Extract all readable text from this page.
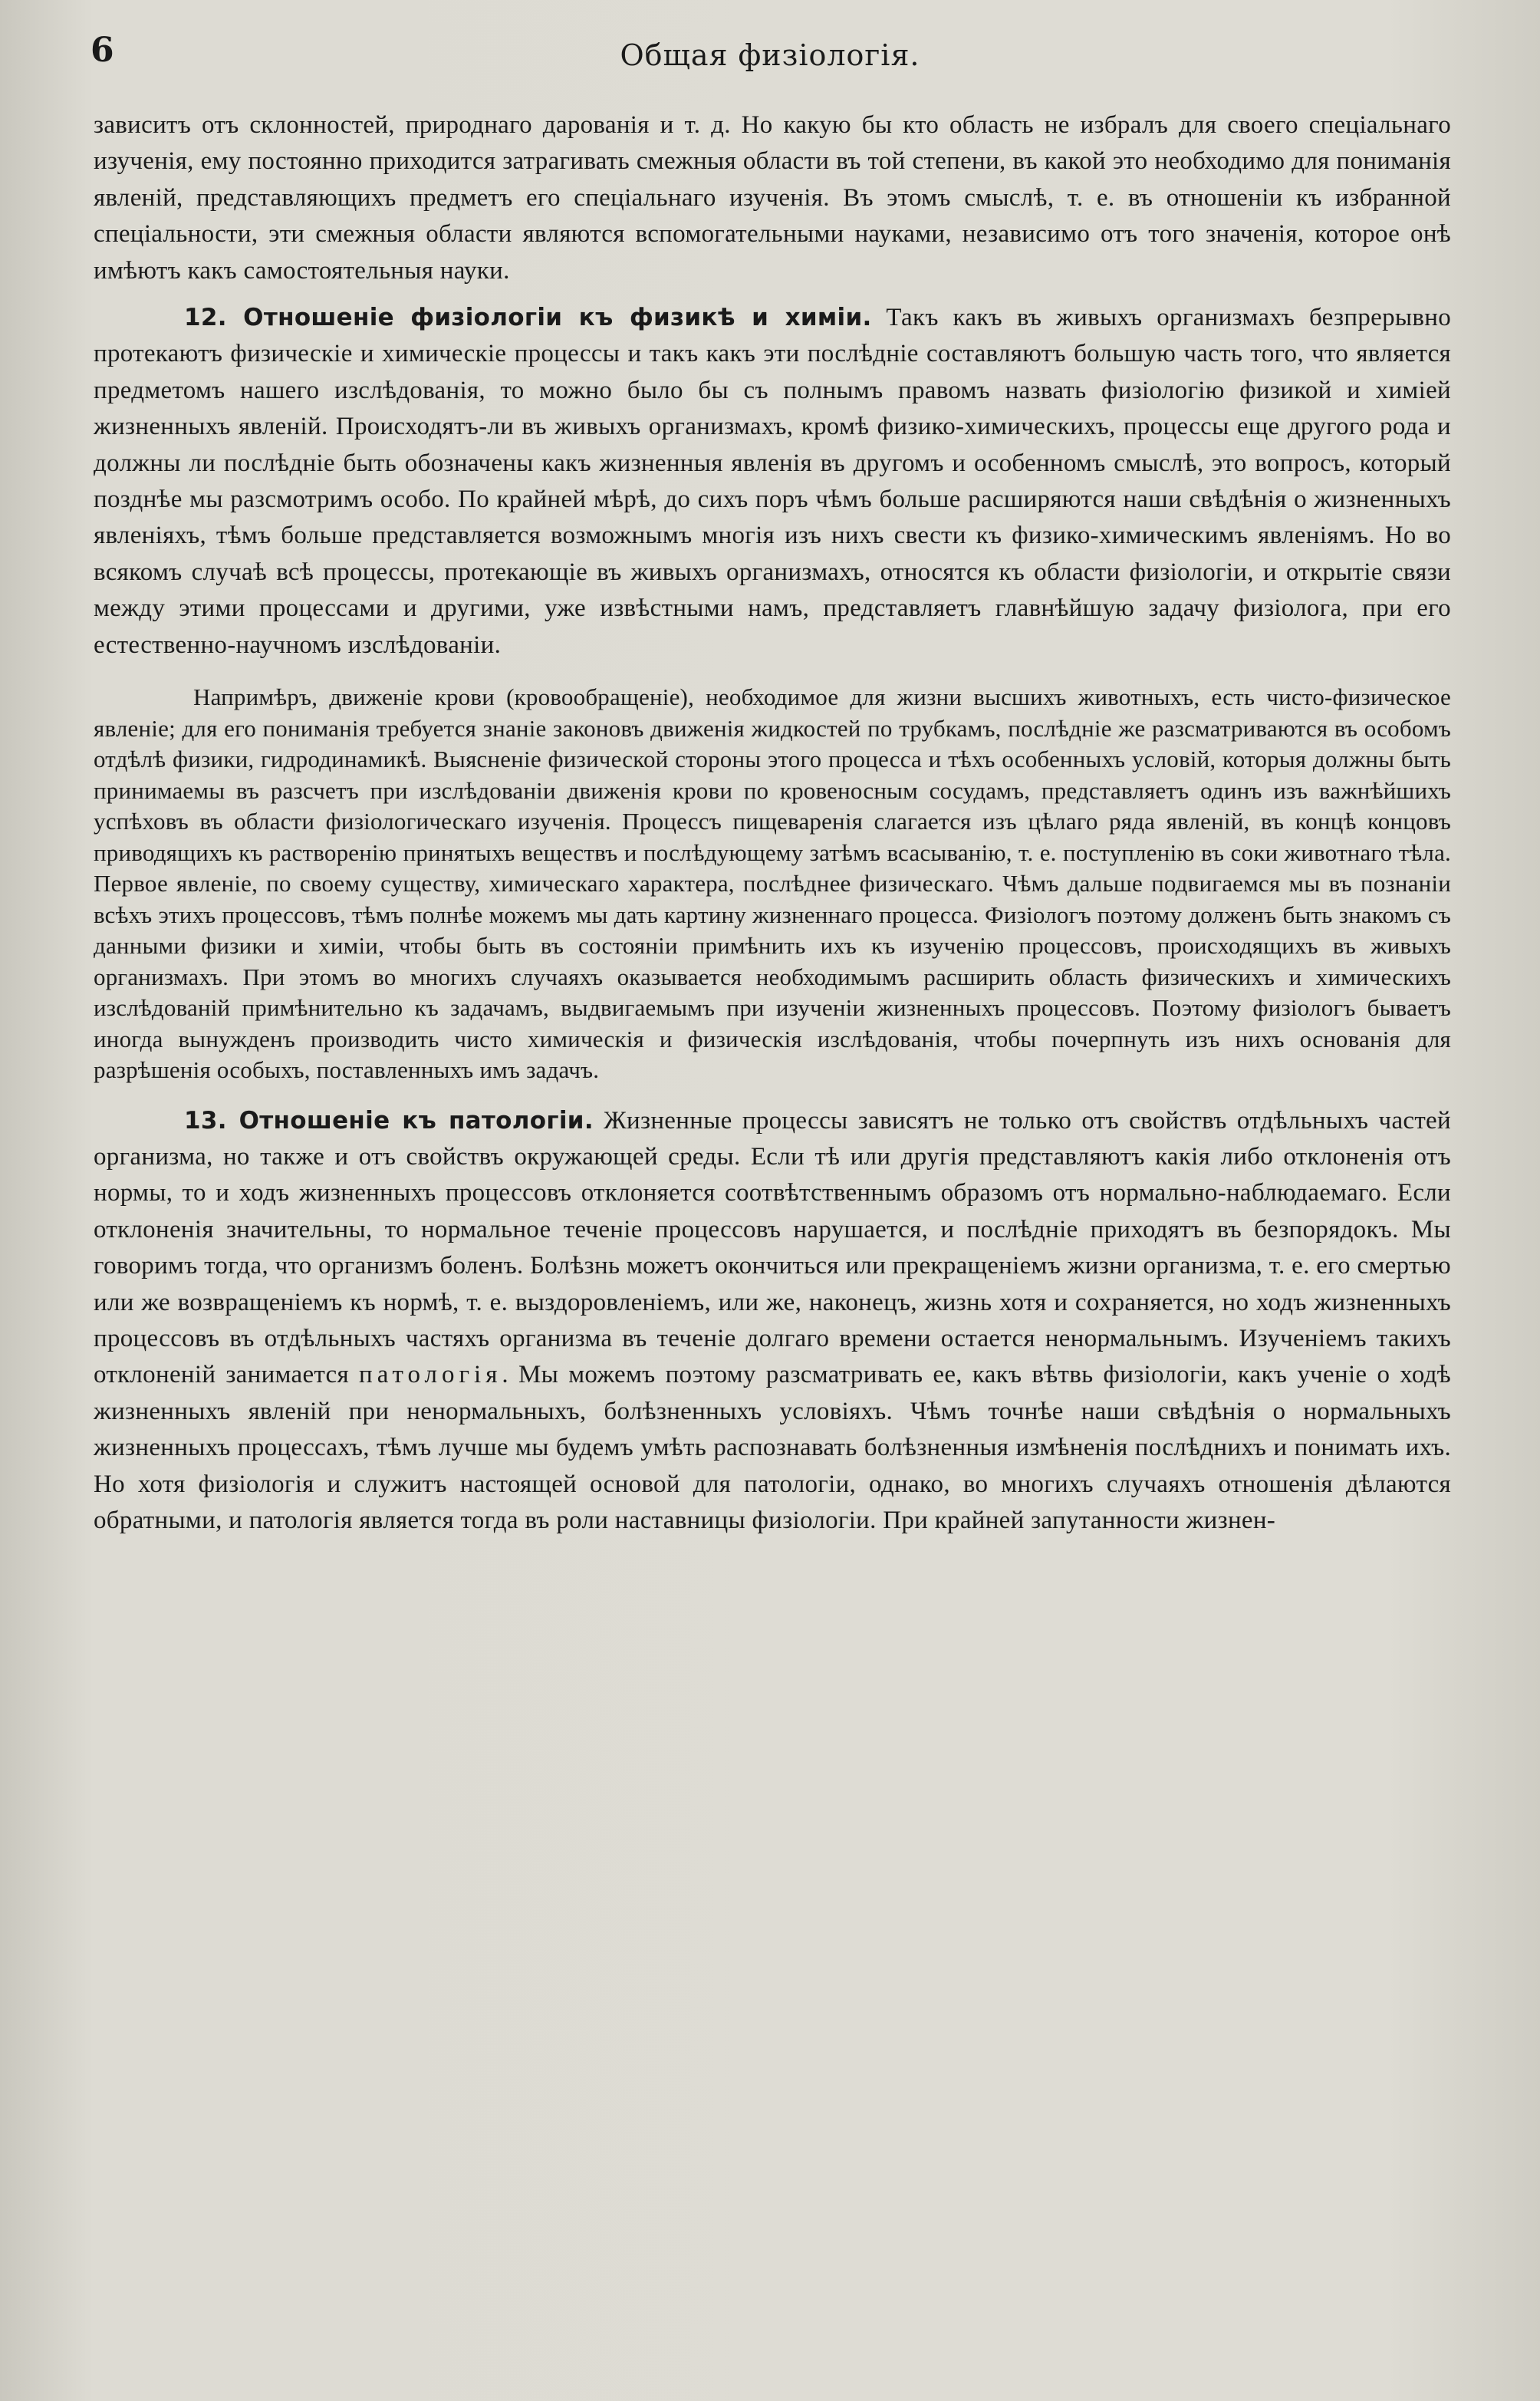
6	Общая физіологія.

зависитъ отъ склонностей, природнаго дарованія и т. д. Но какую бы кто область не избралъ для своего спеціальнаго изученія, ему постоянно приходится затрагивать смежныя области въ той степени, въ какой это необходимо для пониманія явленій, представляющихъ предметъ его спеціальнаго изученія. Въ этомъ смыслѣ, т. е. въ отношеніи къ избранной спеціальности, эти смежныя области являются вспомогательными науками, независимо отъ того значенія, которое онѣ имѣютъ какъ самостоятельныя науки.

12. Отношеніе физіологіи къ физикѣ и химіи. Такъ какъ въ живыхъ организмахъ безпрерывно протекаютъ физическіе и химическіе процессы и такъ какъ эти послѣдніе составляютъ большую часть того, что является предметомъ нашего изслѣдованія, то можно было бы съ полнымъ правомъ назвать физіологію физикой и химіей жизненныхъ явленій. Происходятъ-ли въ живыхъ организмахъ, кромѣ физико-химическихъ, процессы еще другого рода и должны ли послѣдніе быть обозначены какъ жизненныя явленія въ другомъ и особенномъ смыслѣ, это вопросъ, который позднѣе мы разсмотримъ особо. По крайней мѣрѣ, до сихъ поръ чѣмъ больше расширяются наши свѣдѣнія о жизненныхъ явленіяхъ, тѣмъ больше представляется возможнымъ многія изъ нихъ свести къ физико-химическимъ явленіямъ. Но во всякомъ случаѣ всѣ процессы, протекающіе въ живыхъ организмахъ, относятся къ области физіологіи, и открытіе связи между этими процессами и другими, уже извѣстными намъ, представляетъ главнѣйшую задачу физіолога, при его естественно-научномъ изслѣдованіи.

Напримѣръ, движеніе крови (кровообращеніе), необходимое для жизни высшихъ животныхъ, есть чисто-физическое явленіе; для его пониманія требуется знаніе законовъ движенія жидкостей по трубкамъ, послѣдніе же разсматриваются въ особомъ отдѣлѣ физики, гидродинамикѣ. Выясненіе физической стороны этого процесса и тѣхъ особенныхъ условій, которыя должны быть принимаемы въ разсчетъ при изслѣдованіи движенія крови по кровеносным сосудамъ, представляетъ одинъ изъ важнѣйшихъ успѣховъ въ области физіологическаго изученія. Процессъ пищеваренія слагается изъ цѣлаго ряда явленій, въ концѣ концовъ приводящихъ къ раствоpeнію принятыхъ веществъ и послѣдующему затѣмъ всасыванію, т. е. поступленію въ соки животнаго тѣла. Первое явленіе, по своему существу, химическаго характера, послѣднее физическаго. Чѣмъ дальше подвигаемся мы въ познаніи всѣхъ этихъ процессовъ, тѣмъ полнѣе можемъ мы дать картину жизненнаго процесса. Физіологъ поэтому долженъ быть знакомъ съ данными физики и химіи, чтобы быть въ состояніи примѣнить ихъ къ изученію процессовъ, происходящихъ въ живыхъ организмахъ. При этомъ во многихъ случаяхъ оказывается необходимымъ расширить область физическихъ и химическихъ изслѣдованій примѣнительно къ задачамъ, выдвигаемымъ при изученіи жизненныхъ процессовъ. Поэтому физіологъ бываетъ иногда вынужденъ производить чисто химическія и физическія изслѣдованія, чтобы почерпнуть изъ нихъ основанія для разрѣшенія особыхъ, поставленныхъ имъ задачъ.

13. Отношеніе къ патологіи. Жизненные процессы зависятъ не только отъ свойствъ отдѣльныхъ частей организма, но также и отъ свойствъ окружающей среды. Если тѣ или другія представляютъ какія либо отклоненія отъ нормы, то и ходъ жизненныхъ процессовъ отклоняется соотвѣтственнымъ образомъ отъ нормально-наблюдаемаго. Если отклоненія значительны, то нормальное теченіе процессовъ нарушается, и послѣдніе приходятъ въ безпорядокъ. Мы говоримъ тогда, что организмъ боленъ. Болѣзнь можетъ окончиться или прекращеніемъ жизни организма, т. е. его смертью или же возвращеніемъ къ нормѣ, т. е. выздоровленіемъ, или же, наконецъ, жизнь хотя и сохраняется, но ходъ жизненныхъ процессовъ въ отдѣльныхъ частяхъ организма въ теченіе долгаго времени остается ненормальнымъ. Изученіемъ такихъ отклоненій занимается патологія. Мы можемъ поэтому разсматривать ее, какъ вѣтвь физіологіи, какъ ученіе о ходѣ жизненныхъ явленій при ненормальныхъ, болѣзненныхъ условіяхъ. Чѣмъ точнѣе наши свѣдѣнія о нормальныхъ жизненныхъ процессахъ, тѣмъ лучше мы будемъ умѣть распознавать болѣзненныя измѣненія послѣднихъ и понимать ихъ. Но хотя физіологія и служитъ настоящей основой для патологіи, однако, во многихъ случаяхъ отношенія дѣлаются обратными, и патологія является тогда въ роли наставницы физіологіи. При крайней запутанности жизнен-
